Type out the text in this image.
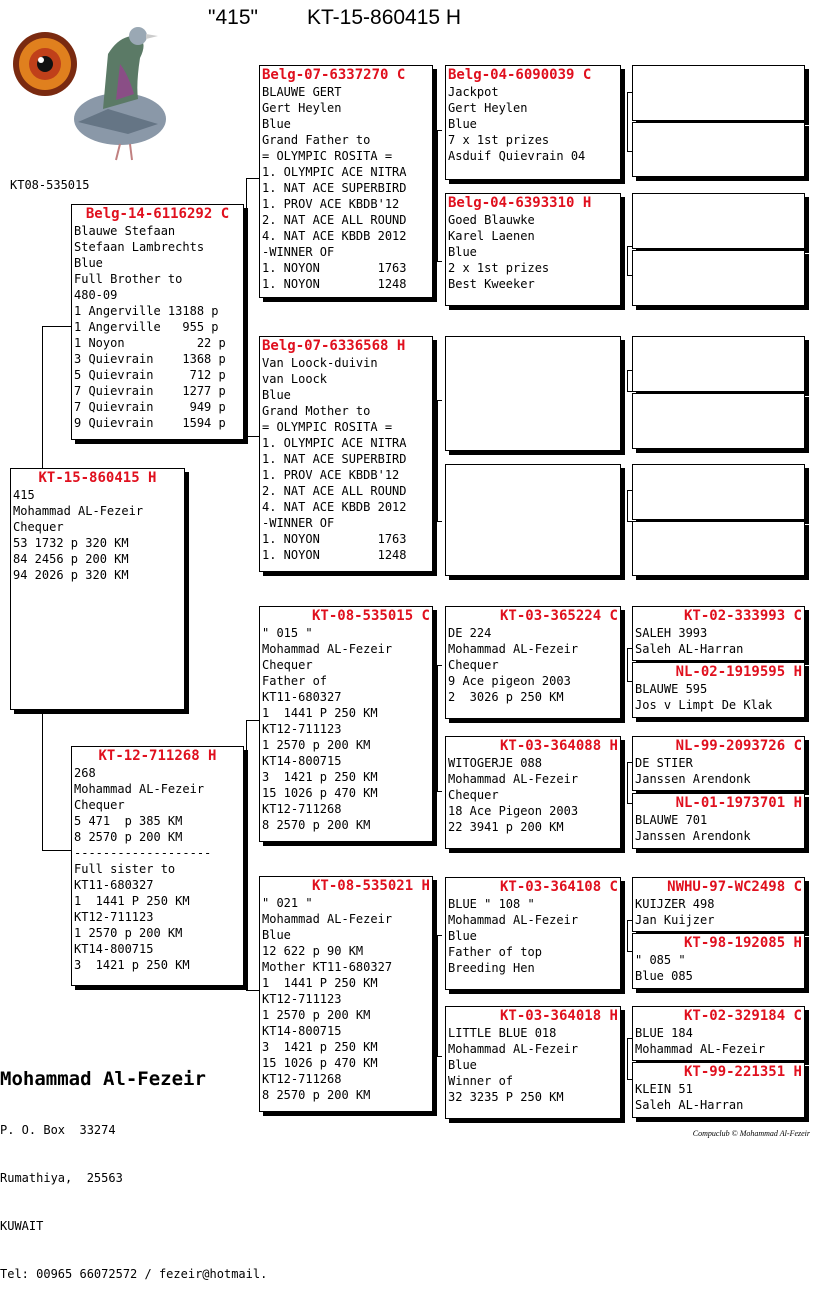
"415" KT-15-860415 H
KT08-535015
KT-15-860415 H
415
Mohammad AL-Fezeir
Chequer
53 1732 p 320 KM
84 2456 p 200 KM
94 2026 p 320 KM
Belg-14-6116292 C
Blauwe Stefaan
Stefaan Lambrechts
Blue
Full Brother to
480-09
1 Angerville 13188 p
1 Angerville   955 p
1 Noyon          22 p
3 Quievrain    1368 p
5 Quievrain     712 p
7 Quievrain    1277 p
7 Quievrain     949 p
9 Quievrain    1594 p
KT-12-711268 H
268
Mohammad AL-Fezeir
Chequer
5 471  p 385 KM
8 2570 p 200 KM
-------------------
Full sister to
KT11-680327
1  1441 P 250 KM
KT12-711123
1 2570 p 200 KM
KT14-800715
3  1421 p 250 KM
Belg-07-6337270 C
BLAUWE GERT
Gert Heylen
Blue
Grand Father to
= OLYMPIC ROSITA =
1. OLYMPIC ACE NITRA
1. NAT ACE SUPERBIRD
1. PROV ACE KBDB'12
2. NAT ACE ALL ROUND
4. NAT ACE KBDB 2012
-WINNER OF
1. NOYON        1763
1. NOYON        1248
Belg-07-6336568 H
Van Loock-duivin
van Loock
Blue
Grand Mother to
= OLYMPIC ROSITA =
1. OLYMPIC ACE NITRA
1. NAT ACE SUPERBIRD
1. PROV ACE KBDB'12
2. NAT ACE ALL ROUND
4. NAT ACE KBDB 2012
-WINNER OF
1. NOYON        1763
1. NOYON        1248
KT-08-535015 C
" 015 "
Mohammad AL-Fezeir
Chequer
Father of
KT11-680327
1  1441 P 250 KM
KT12-711123
1 2570 p 200 KM
KT14-800715
3  1421 p 250 KM
15 1026 p 470 KM
KT12-711268
8 2570 p 200 KM
KT-08-535021 H
" 021 "
Mohammad AL-Fezeir
Blue
12 622 p 90 KM
Mother KT11-680327
1  1441 P 250 KM
KT12-711123
1 2570 p 200 KM
KT14-800715
3  1421 p 250 KM
15 1026 p 470 KM
KT12-711268
8 2570 p 200 KM
Belg-04-6090039 C
Jackpot
Gert Heylen
Blue
7 x 1st prizes
Asduif Quievrain 04
Belg-04-6393310 H
Goed Blauwke
Karel Laenen
Blue
2 x 1st prizes
Best Kweeker
KT-03-365224 C
DE 224
Mohammad AL-Fezeir
Chequer
9 Ace pigeon 2003
2  3026 p 250 KM
KT-03-364088 H
WITOGERJE 088
Mohammad AL-Fezeir
Chequer
18 Ace Pigeon 2003
22 3941 p 200 KM
KT-03-364108 C
BLUE " 108 "
Mohammad AL-Fezeir
Blue
Father of top
Breeding Hen
KT-03-364018 H
LITTLE BLUE 018
Mohammad AL-Fezeir
Blue
Winner of
32 3235 P 250 KM
KT-02-333993 C
SALEH 3993
Saleh AL-Harran
NL-02-1919595 H
BLAUWE 595
Jos v Limpt De Klak
NL-99-2093726 C
DE STIER
Janssen Arendonk
NL-01-1973701 H
BLAUWE 701
Janssen Arendonk
NWHU-97-WC2498 C
KUIJZER 498
Jan Kuijzer
KT-98-192085 H
" 085 "
Blue 085
KT-02-329184 C
BLUE 184
Mohammad AL-Fezeir
KT-99-221351 H
KLEIN 51
Saleh AL-Harran

Mohammad Al-Fezeir

P. O. Box  33274

Rumathiya,  25563

KUWAIT

Tel: 00965 66072572 / fezeir@hotmail.

Compuclub © Mohammad Al-Fezeir
